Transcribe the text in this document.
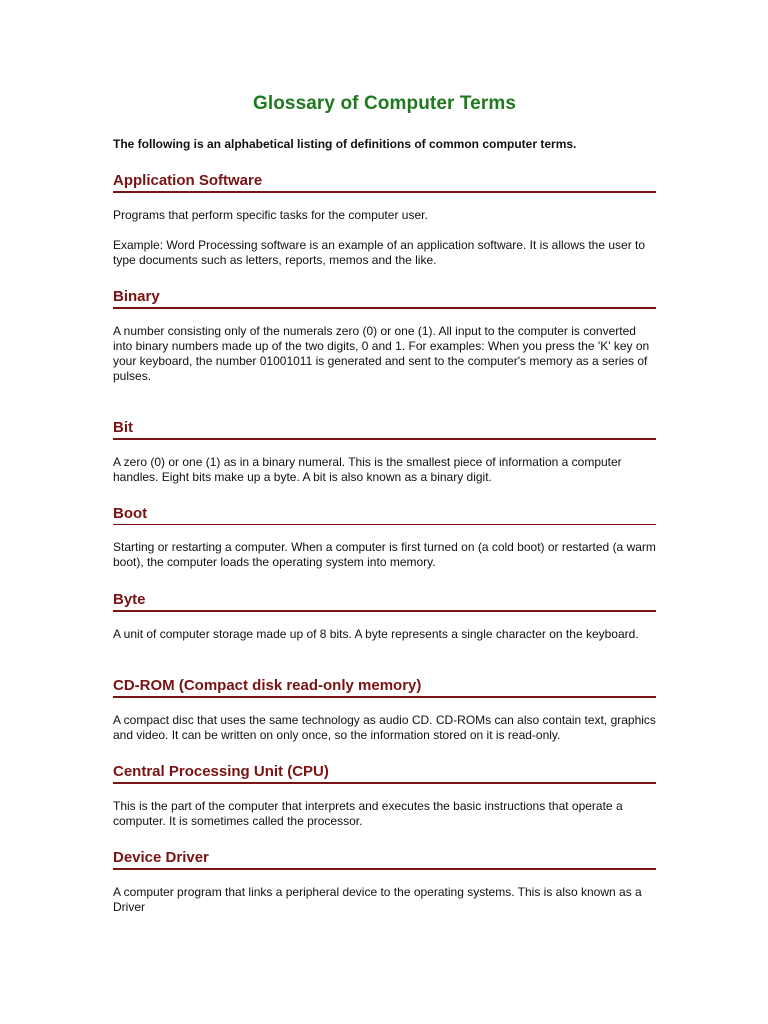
Glossary of Computer Terms

The following is an alphabetical listing of definitions of common computer terms.

Application Software

Programs that perform specific tasks for the computer user.

Example: Word Processing software is an example of an application software. It is allows the user to type documents such as letters, reports, memos and the like.

Binary

A number consisting only of the numerals zero (0) or one (1). All input to the computer is converted into binary numbers made up of the two digits, 0 and 1. For examples: When you press the 'K' key on your keyboard, the number 01001011 is generated and sent to the computer's memory as a series of pulses.

Bit

A zero (0) or one (1) as in a binary numeral. This is the smallest piece of information a computer handles. Eight bits make up a byte. A bit is also known as a binary digit.

Boot

Starting or restarting a computer. When a computer is first turned on (a cold boot) or restarted (a warm boot), the computer loads the operating system into memory.

Byte

A unit of computer storage made up of 8 bits. A byte represents a single character on the keyboard.

CD-ROM (Compact disk read-only memory)

A compact disc that uses the same technology as audio CD. CD-ROMs can also contain text, graphics and video. It can be written on only once, so the information stored on it is read-only.

Central Processing Unit (CPU)

This is the part of the computer that interprets and executes the basic instructions that operate a computer. It is sometimes called the processor.

Device Driver

A computer program that links a peripheral device to the operating systems. This is also known as a Driver
